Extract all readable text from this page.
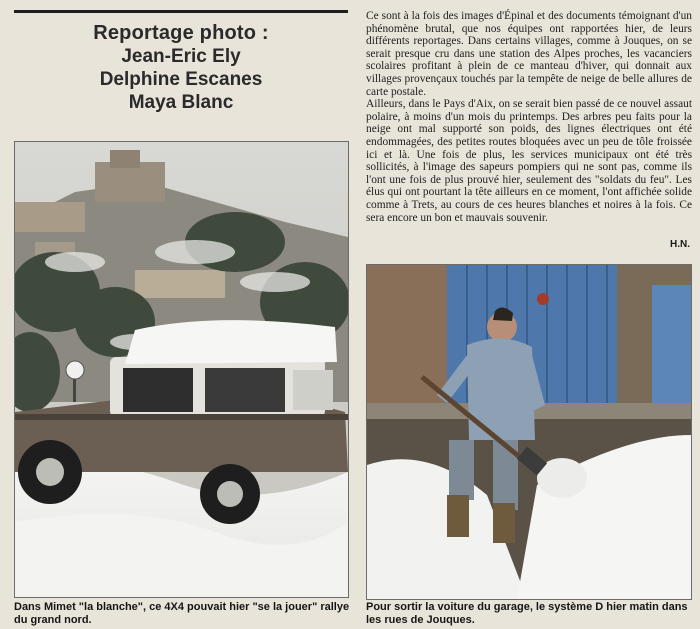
Reportage photo :
Jean-Eric Ely
Delphine Escanes
Maya Blanc
Dans Mimet "la blanche", ce 4X4 pouvait hier "se la jouer" rallye du grand nord.

Ce sont à la fois des images d'Épinal et des documents témoignant d'un phénomène brutal, que nos équipes ont rapportées hier, de leurs différents reportages. Dans certains villages, comme à Jouques, on se serait presque cru dans une station des Alpes proches, les vacanciers scolaires profitant à plein de ce manteau d'hiver, qui donnait aux villages provençaux touchés par la tempête de neige de belle allures de carte postale.

Ailleurs, dans le Pays d'Aix, on se serait bien passé de ce nouvel assaut polaire, à moins d'un mois du printemps. Des arbres peu faits pour la neige ont mal supporté son poids, des lignes électriques ont été endommagées, des petites routes bloquées avec un peu de tôle froissée ici et là. Une fois de plus, les services municipaux ont été très sollicités, à l'image des sapeurs pompiers qui ne sont pas, comme ils l'ont une fois de plus prouvé hier, seulement des "soldats du feu". Les élus qui ont pourtant la tête ailleurs en ce moment, l'ont affichée solide comme à Trets, au cours de ces heures blanches et noires à la fois. Ce sera encore un bon et mauvais souvenir.

H.N.
Pour sortir la voiture du garage, le système D hier matin dans les rues de Jouques.
